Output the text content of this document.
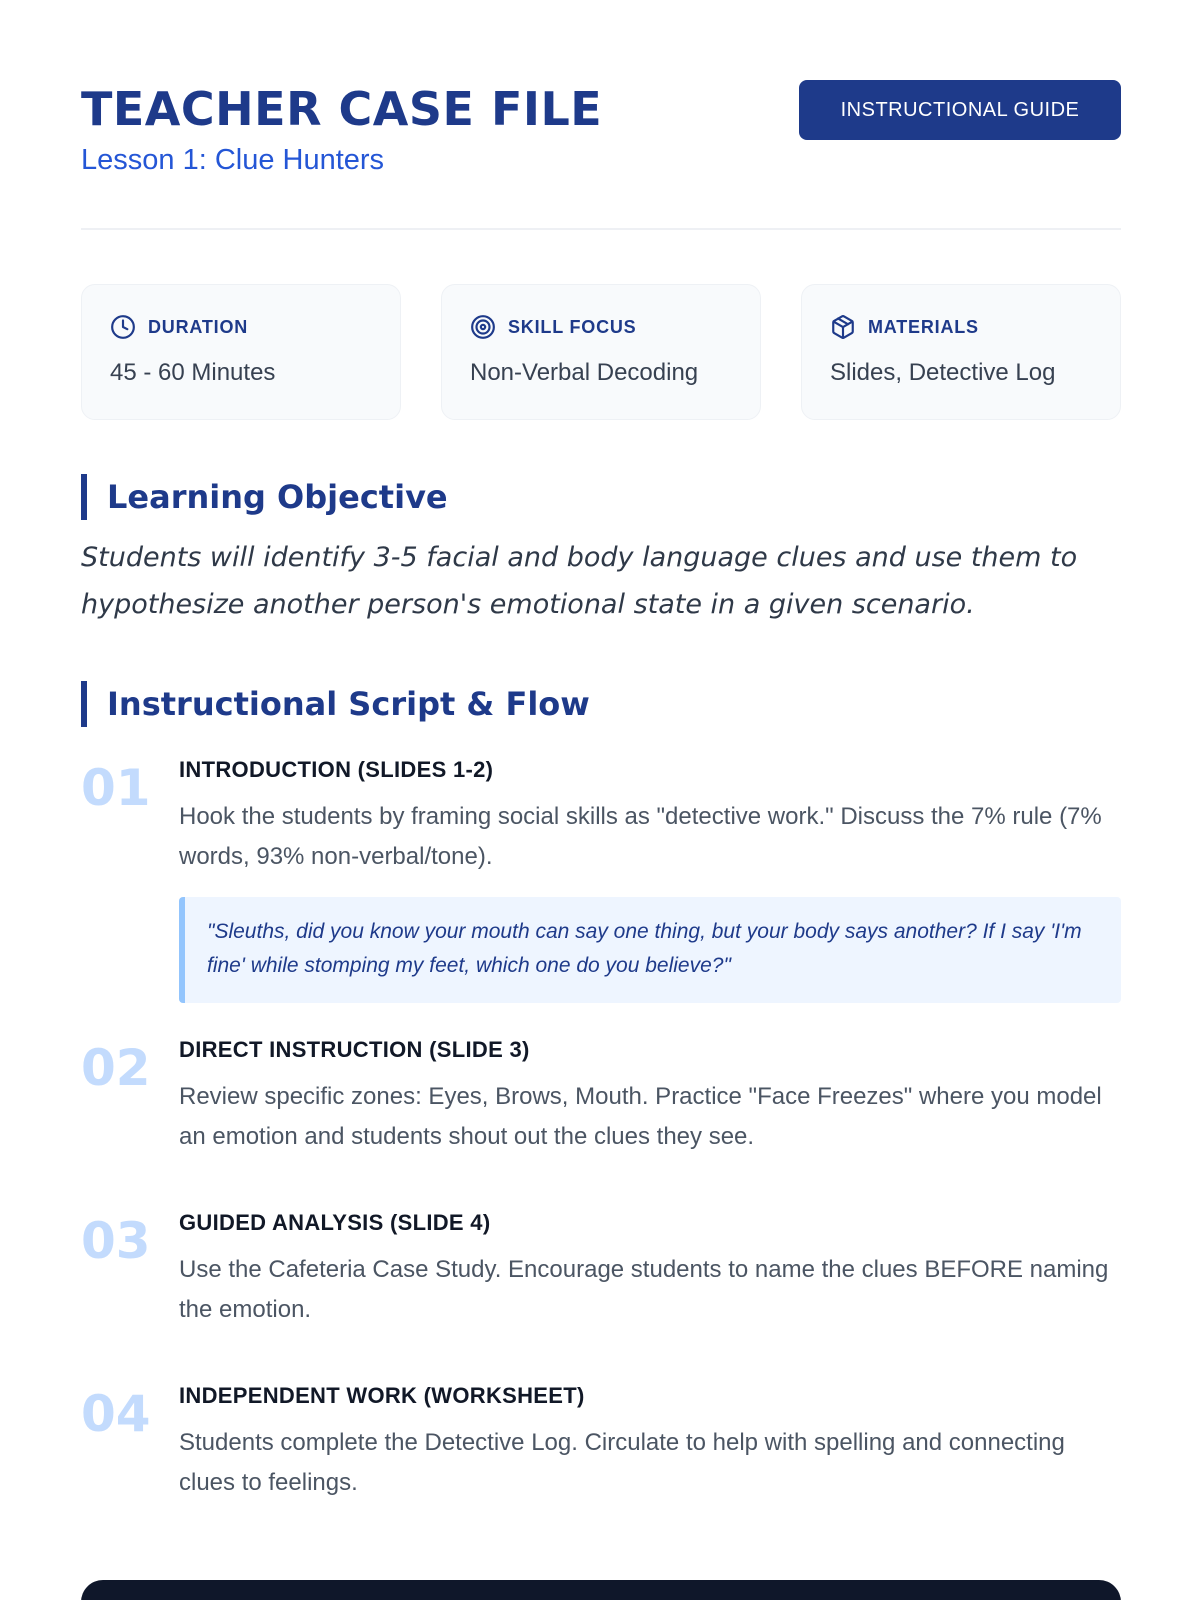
TEACHER CASE FILE
Lesson 1: Clue Hunters
INSTRUCTIONAL GUIDE
DURATION
45 - 60 Minutes
SKILL FOCUS
Non-Verbal Decoding
MATERIALS
Slides, Detective Log
Learning Objective
Students will identify 3-5 facial and body language clues and use them to hypothesize another person's emotional state in a given scenario.
Instructional Script & Flow
01 INTRODUCTION (SLIDES 1-2)
Hook the students by framing social skills as "detective work." Discuss the 7% rule (7% words, 93% non-verbal/tone).
"Sleuths, did you know your mouth can say one thing, but your body says another? If I say 'I'm fine' while stomping my feet, which one do you believe?"
02 DIRECT INSTRUCTION (SLIDE 3)
Review specific zones: Eyes, Brows, Mouth. Practice "Face Freezes" where you model an emotion and students shout out the clues they see.
03 GUIDED ANALYSIS (SLIDE 4)
Use the Cafeteria Case Study. Encourage students to name the clues BEFORE naming the emotion.
04 INDEPENDENT WORK (WORKSHEET)
Students complete the Detective Log. Circulate to help with spelling and connecting clues to feelings.
